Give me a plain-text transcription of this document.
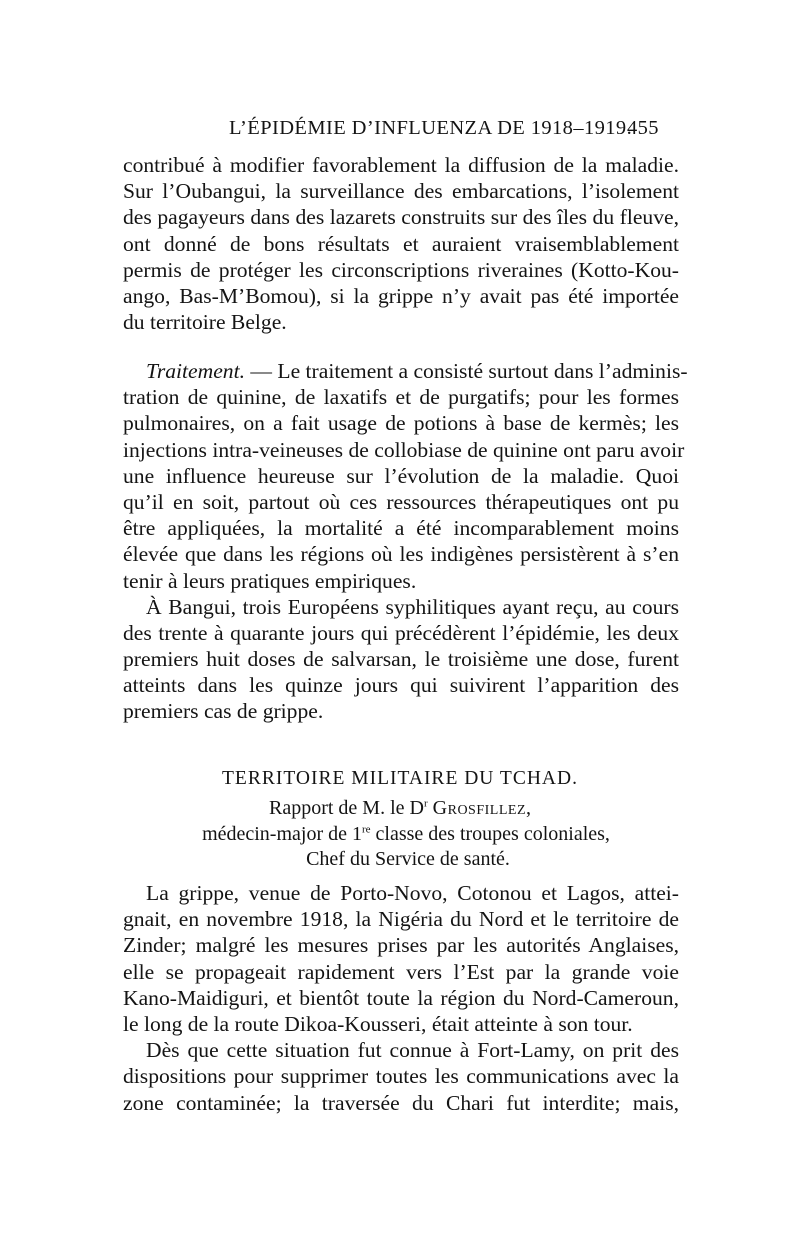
L’ÉPIDÉMIE D’INFLUENZA DE 1918–1919.
455
contribué à modifier favorablement la diffusion de la maladie.
Sur l’Oubangui, la surveillance des embarcations, l’isolement
des pagayeurs dans des lazarets construits sur des îles du fleuve,
ont donné de bons résultats et auraient vraisemblablement
permis de protéger les circonscriptions riveraines (Kotto-Kou-
ango, Bas-M’Bomou), si la grippe n’y avait pas été importée
du territoire Belge.
Traitement. — Le traitement a consisté surtout dans l’adminis-
tration de quinine, de laxatifs et de purgatifs; pour les formes
pulmonaires, on a fait usage de potions à base de kermès; les
injections intra-veineuses de collobiase de quinine ont paru avoir
une influence heureuse sur l’évolution de la maladie. Quoi
qu’il en soit, partout où ces ressources thérapeutiques ont pu
être appliquées, la mortalité a été incomparablement moins
élevée que dans les régions où les indigènes persistèrent à s’en
tenir à leurs pratiques empiriques.
À Bangui, trois Européens syphilitiques ayant reçu, au cours
des trente à quarante jours qui précédèrent l’épidémie, les deux
premiers huit doses de salvarsan, le troisième une dose, furent
atteints dans les quinze jours qui suivirent l’apparition des
premiers cas de grippe.
TERRITOIRE MILITAIRE DU TCHAD.
Rapport de M. le $D^r$ Grosfillez,
médecin-major de 1re classe des troupes coloniales,
Chef du Service de santé.
La grippe, venue de Porto-Novo, Cotonou et Lagos, attei-
gnait, en novembre 1918, la Nigéria du Nord et le territoire de
Zinder; malgré les mesures prises par les autorités Anglaises,
elle se propageait rapidement vers l’Est par la grande voie
Kano-Maidiguri, et bientôt toute la région du Nord-Cameroun,
le long de la route Dikoa-Kousseri, était atteinte à son tour.
Dès que cette situation fut connue à Fort-Lamy, on prit des
dispositions pour supprimer toutes les communications avec la
zone contaminée; la traversée du Chari fut interdite; mais,
